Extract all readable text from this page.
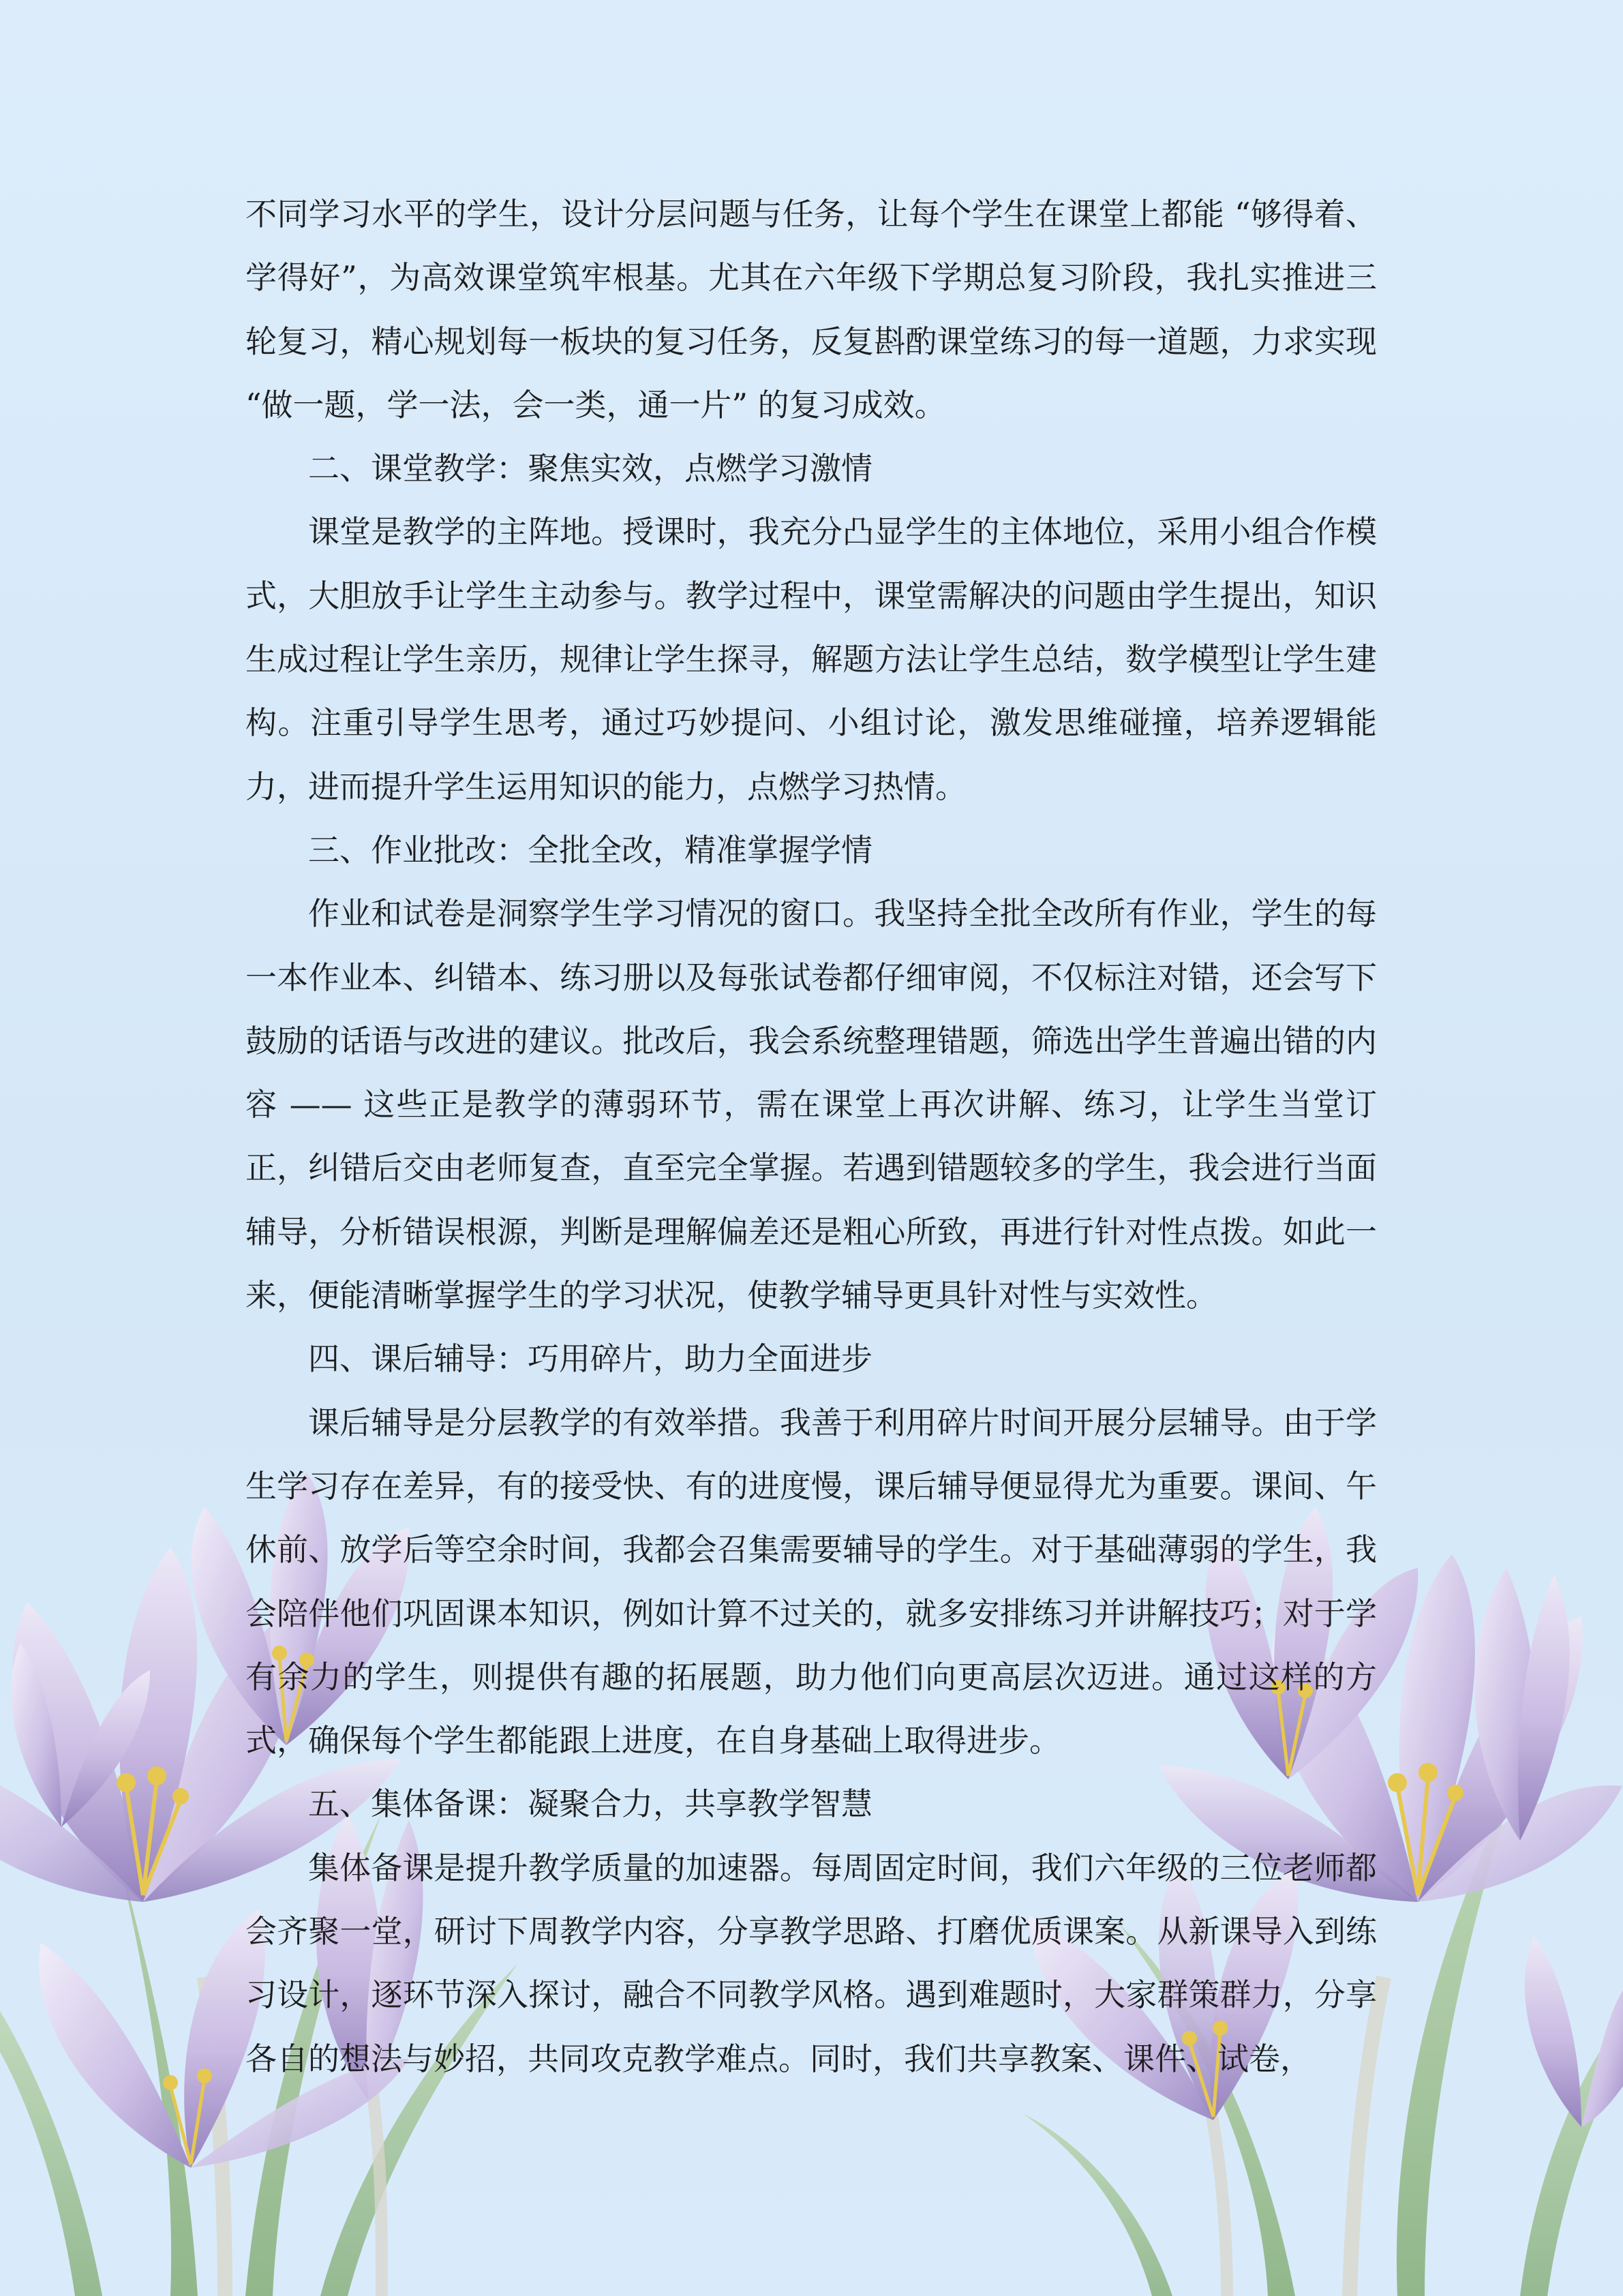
不同学习水平的学生，设计分层问题与任务，让每个学生在课堂上都能 “够得着、学得好”，为高效课堂筑牢根基。尤其在六年级下学期总复习阶段，我扎实推进三轮复习，精心规划每一板块的复习任务，反复斟酌课堂练习的每一道题，力求实现 “做一题，学一法，会一类，通一片” 的复习成效。

二、课堂教学：聚焦实效，点燃学习激情

课堂是教学的主阵地。授课时，我充分凸显学生的主体地位，采用小组合作模式，大胆放手让学生主动参与。教学过程中，课堂需解决的问题由学生提出，知识生成过程让学生亲历，规律让学生探寻，解题方法让学生总结，数学模型让学生建构。注重引导学生思考，通过巧妙提问、小组讨论，激发思维碰撞，培养逻辑能力，进而提升学生运用知识的能力，点燃学习热情。

三、作业批改：全批全改，精准掌握学情

作业和试卷是洞察学生学习情况的窗口。我坚持全批全改所有作业，学生的每一本作业本、纠错本、练习册以及每张试卷都仔细审阅，不仅标注对错，还会写下鼓励的话语与改进的建议。批改后，我会系统整理错题，筛选出学生普遍出错的内容 —— 这些正是教学的薄弱环节，需在课堂上再次讲解、练习，让学生当堂订正，纠错后交由老师复查，直至完全掌握。若遇到错题较多的学生，我会进行当面辅导，分析错误根源，判断是理解偏差还是粗心所致，再进行针对性点拨。如此一来，便能清晰掌握学生的学习状况，使教学辅导更具针对性与实效性。

四、课后辅导：巧用碎片，助力全面进步

课后辅导是分层教学的有效举措。我善于利用碎片时间开展分层辅导。由于学生学习存在差异，有的接受快、有的进度慢，课后辅导便显得尤为重要。课间、午休前、放学后等空余时间，我都会召集需要辅导的学生。对于基础薄弱的学生，我会陪伴他们巩固课本知识，例如计算不过关的，就多安排练习并讲解技巧；对于学有余力的学生，则提供有趣的拓展题，助力他们向更高层次迈进。通过这样的方式，确保每个学生都能跟上进度，在自身基础上取得进步。

五、集体备课：凝聚合力，共享教学智慧

集体备课是提升教学质量的加速器。每周固定时间，我们六年级的三位老师都会齐聚一堂，研讨下周教学内容，分享教学思路、打磨优质课案。从新课导入到练习设计，逐环节深入探讨，融合不同教学风格。遇到难题时，大家群策群力，分享各自的想法与妙招，共同攻克教学难点。同时，我们共享教案、课件、试卷，
